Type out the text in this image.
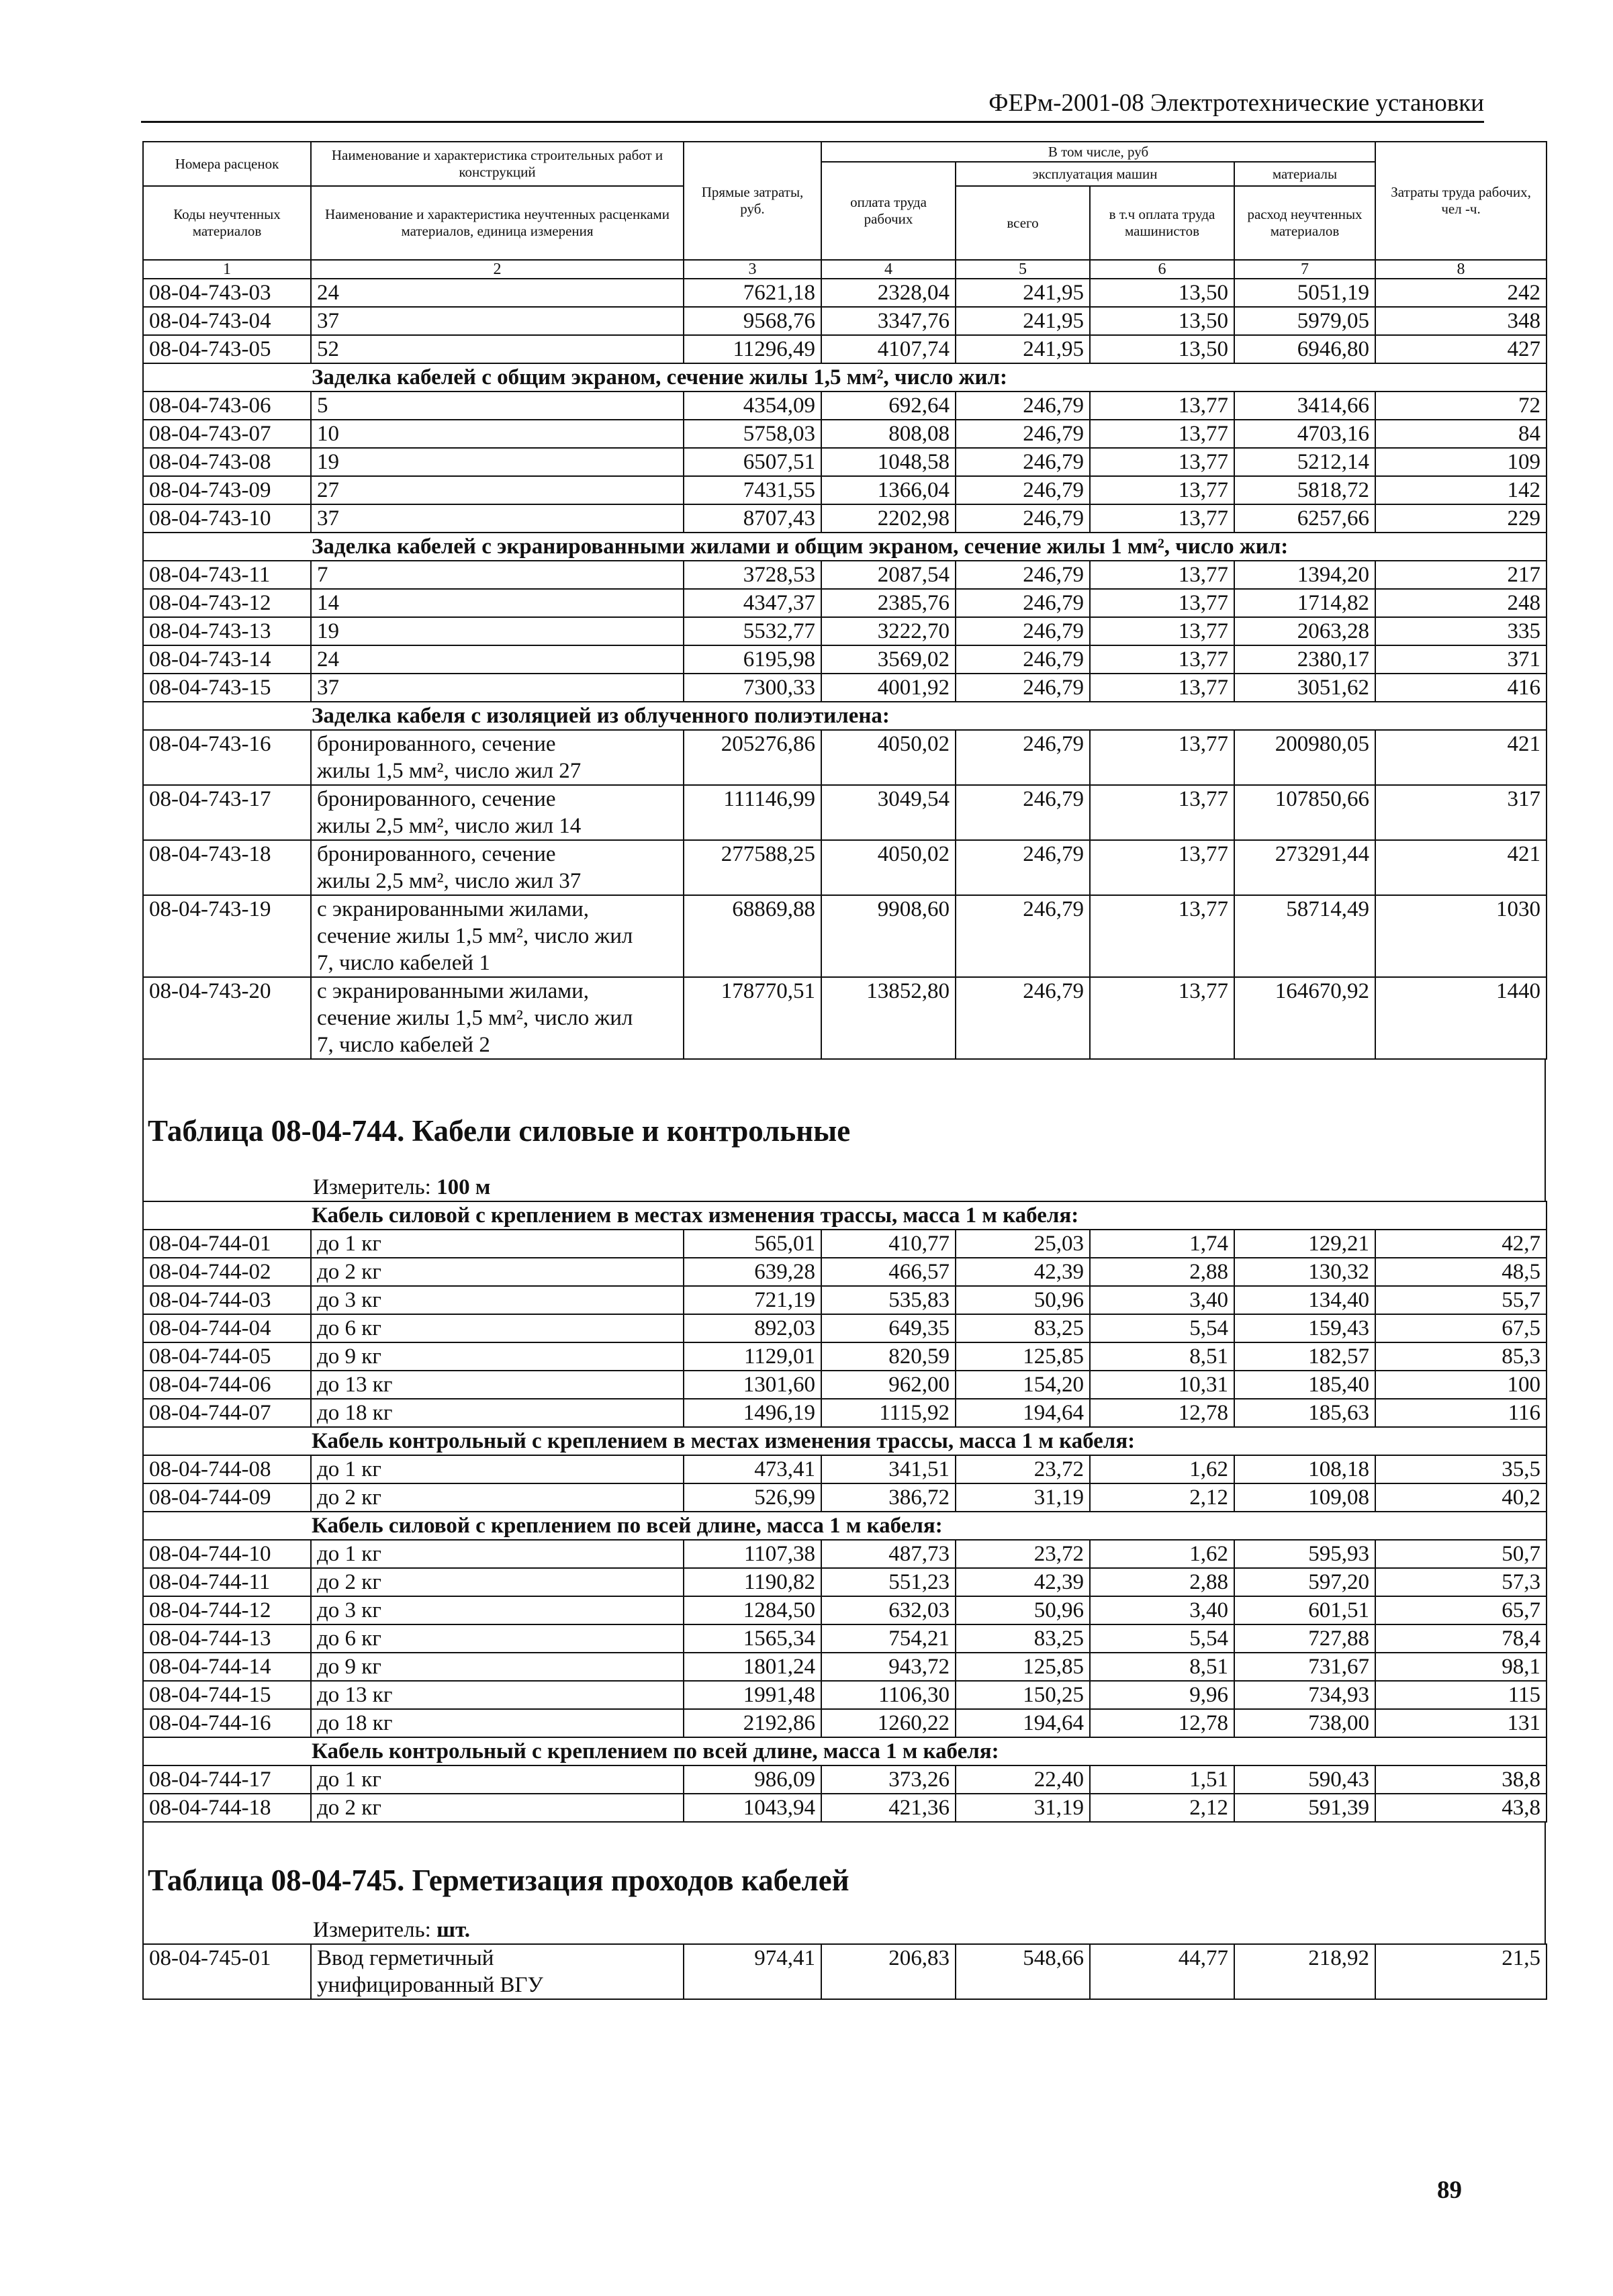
ФЕРм-2001-08 Электротехнические установки
Номера расценок	Наименование и характеристика строительных работ и конструкций	Прямые затраты, руб.	В том числе, руб				Затраты труда рабочих, чел -ч.
			оплата труда рабочих	эксплуатация машин		материалы	
Коды неучтенных материалов	Наименование и характеристика неучтенных расценками материалов, единица измерения			всего	в т.ч оплата труда машинистов	расход неучтенных материалов	

1	2	3	4	5	6	7	8
08-04-743-03	24	7621,18	2328,04	241,95	13,50	5051,19	242
08-04-743-04	37	9568,76	3347,76	241,95	13,50	5979,05	348
08-04-743-05	52	11296,49	4107,74	241,95	13,50	6946,80	427
Заделка кабелей с общим экраном, сечение жилы 1,5 мм², число жил:							
08-04-743-06	5	4354,09	692,64	246,79	13,77	3414,66	72
08-04-743-07	10	5758,03	808,08	246,79	13,77	4703,16	84
08-04-743-08	19	6507,51	1048,58	246,79	13,77	5212,14	109
08-04-743-09	27	7431,55	1366,04	246,79	13,77	5818,72	142
08-04-743-10	37	8707,43	2202,98	246,79	13,77	6257,66	229
Заделка кабелей с экранированными жилами и общим экраном, сечение жилы 1 мм², число жил:							
08-04-743-11	7	3728,53	2087,54	246,79	13,77	1394,20	217
08-04-743-12	14	4347,37	2385,76	246,79	13,77	1714,82	248
08-04-743-13	19	5532,77	3222,70	246,79	13,77	2063,28	335
08-04-743-14	24	6195,98	3569,02	246,79	13,77	2380,17	371
08-04-743-15	37	7300,33	4001,92	246,79	13,77	3051,62	416
Заделка кабеля с изоляцией из облученного полиэтилена:							
08-04-743-16	бронированного, сечение
жилы 1,5 мм², число жил 27	205276,86	4050,02	246,79	13,77	200980,05	421
08-04-743-17	бронированного, сечение
жилы 2,5 мм², число жил 14	111146,99	3049,54	246,79	13,77	107850,66	317
08-04-743-18	бронированного, сечение
жилы 2,5 мм², число жил 37	277588,25	4050,02	246,79	13,77	273291,44	421
08-04-743-19	с экранированными жилами,
сечение жилы 1,5 мм², число жил
7, число кабелей 1	68869,88	9908,60	246,79	13,77	58714,49	1030
08-04-743-20	с экранированными жилами,
сечение жилы 1,5 мм², число жил
7, число кабелей 2	178770,51	13852,80	246,79	13,77	164670,92	1440
Таблица 08-04-744. Кабели силовые и контрольные
Измеритель: 100 м
Кабель силовой с креплением в местах изменения трассы, масса 1 м кабеля:							
08-04-744-01	до 1 кг	565,01	410,77	25,03	1,74	129,21	42,7
08-04-744-02	до 2 кг	639,28	466,57	42,39	2,88	130,32	48,5
08-04-744-03	до 3 кг	721,19	535,83	50,96	3,40	134,40	55,7
08-04-744-04	до 6 кг	892,03	649,35	83,25	5,54	159,43	67,5
08-04-744-05	до 9 кг	1129,01	820,59	125,85	8,51	182,57	85,3
08-04-744-06	до 13 кг	1301,60	962,00	154,20	10,31	185,40	100
08-04-744-07	до 18 кг	1496,19	1115,92	194,64	12,78	185,63	116
Кабель контрольный с креплением в местах изменения трассы, масса 1 м кабеля:							
08-04-744-08	до 1 кг	473,41	341,51	23,72	1,62	108,18	35,5
08-04-744-09	до 2 кг	526,99	386,72	31,19	2,12	109,08	40,2
Кабель силовой с креплением по всей длине, масса 1 м кабеля:							
08-04-744-10	до 1 кг	1107,38	487,73	23,72	1,62	595,93	50,7
08-04-744-11	до 2 кг	1190,82	551,23	42,39	2,88	597,20	57,3
08-04-744-12	до 3 кг	1284,50	632,03	50,96	3,40	601,51	65,7
08-04-744-13	до 6 кг	1565,34	754,21	83,25	5,54	727,88	78,4
08-04-744-14	до 9 кг	1801,24	943,72	125,85	8,51	731,67	98,1
08-04-744-15	до 13 кг	1991,48	1106,30	150,25	9,96	734,93	115
08-04-744-16	до 18 кг	2192,86	1260,22	194,64	12,78	738,00	131
Кабель контрольный с креплением по всей длине, масса 1 м кабеля:							
08-04-744-17	до 1 кг	986,09	373,26	22,40	1,51	590,43	38,8
08-04-744-18	до 2 кг	1043,94	421,36	31,19	2,12	591,39	43,8
Таблица 08-04-745. Герметизация проходов кабелей
Измеритель: шт.
08-04-745-01	Ввод герметичный
унифицированный ВГУ	974,41	206,83	548,66	44,77	218,92	21,5
89
